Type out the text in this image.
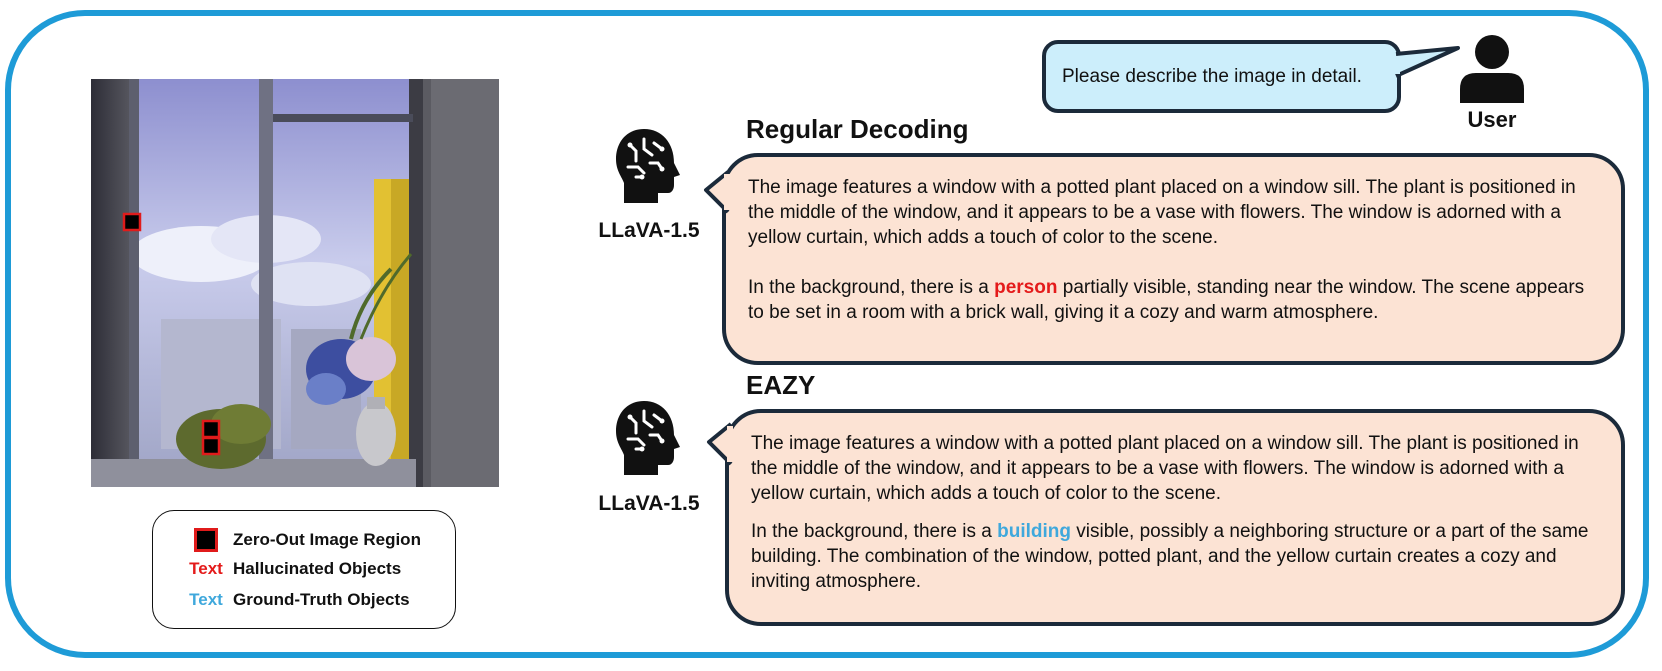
Zero-Out Image Region
Text Hallucinated Objects
Text Ground-Truth Objects
Please describe the image in detail.
User
Regular Decoding
LLaVA-1.5

The image features a window with a potted plant placed on a window sill. The plant is positioned in the middle of the window, and it appears to be a vase with flowers. The window is adorned with a yellow curtain, which adds a touch of color to the scene.

In the background, there is a person partially visible, standing near the window. The scene appears to be set in a room with a brick wall, giving it a cozy and warm atmosphere.

EAZY
LLaVA-1.5

The image features a window with a potted plant placed on a window sill. The plant is positioned in the middle of the window, and it appears to be a vase with flowers. The window is adorned with a yellow curtain, which adds a touch of color to the scene.

In the background, there is a building visible, possibly a neighboring structure or a part of the same building. The combination of the window, potted plant, and the yellow curtain creates a cozy and inviting atmosphere.
